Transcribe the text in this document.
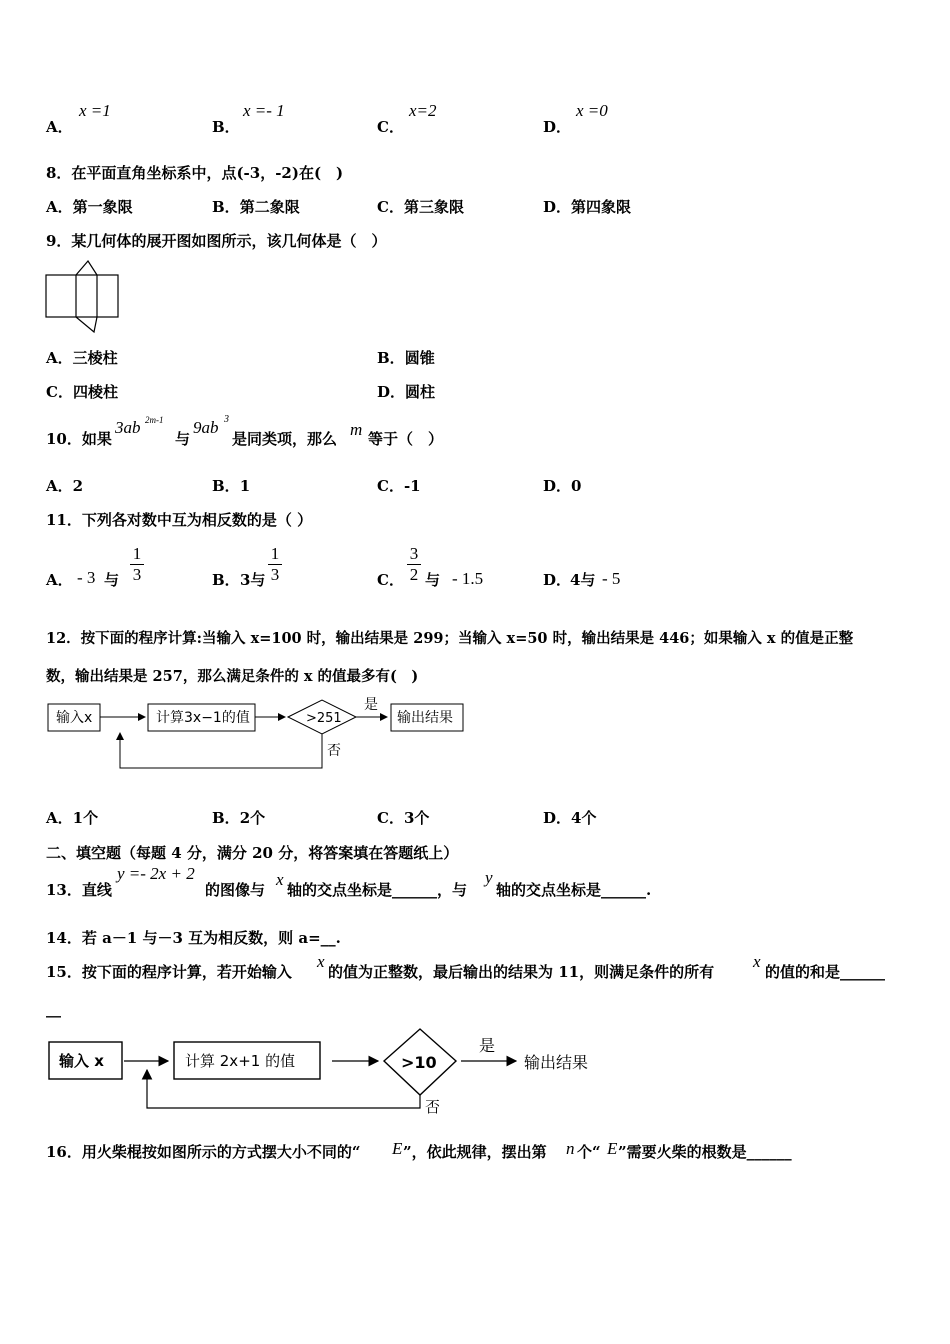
A．
x =1
B．
x =- 1
C．
x=2
D．
x =0
8．在平面直角坐标系中，点(-3，-2)在(　)
A．第一象限	B．第二象限	C．第三象限	D．第四象限
9．某几何体的展开图如图所示，该几何体是（　）
A．三棱柱	B．圆锥
C．四棱柱	D．圆柱
10．如果
3ab 2m-1
与
9ab 3
是同类项，那么 m 等于（　）
A．2	B．1	C．-1	D．0
11．下列各对数中互为相反数的是（ ）
A． - 3 与
1
3	B． 3与
1
3	C．
3
2 与 - 1.5	D．
4与 - 5
12．按下面的程序计算:当输入 x=100 时，输出结果是 299；当输入 x=50 时，输出结果是 446；如果输入 x 的值是正整
数，输出结果是 257，那么满足条件的 x 的值最多有(　)
输入x	计算3x−1的值	>251
是
输出结果
否
A．1个	B．2个	C．3个	D．4个
二、填空题（每题 4 分，满分 20 分，将答案填在答题纸上）
13．直线
y =- 2x + 2
的图像与
x
轴的交点坐标是______，与
y
轴的交点坐标是______.
14．若 a－1 与－3 互为相反数，则 a=__.
15．按下面的程序计算，若开始输入
x
的值为正整数，最后输出的结果为 11，则满足条件的所有
x
的值的和是______
__
输入 x	计算 2x+1 的值	>10
是
输出结果
否
16．用火柴棍按如图所示的方式摆大小不同的“ E ”，依此规律，摆出第 n 个“ E ”需要火柴的根数是______
